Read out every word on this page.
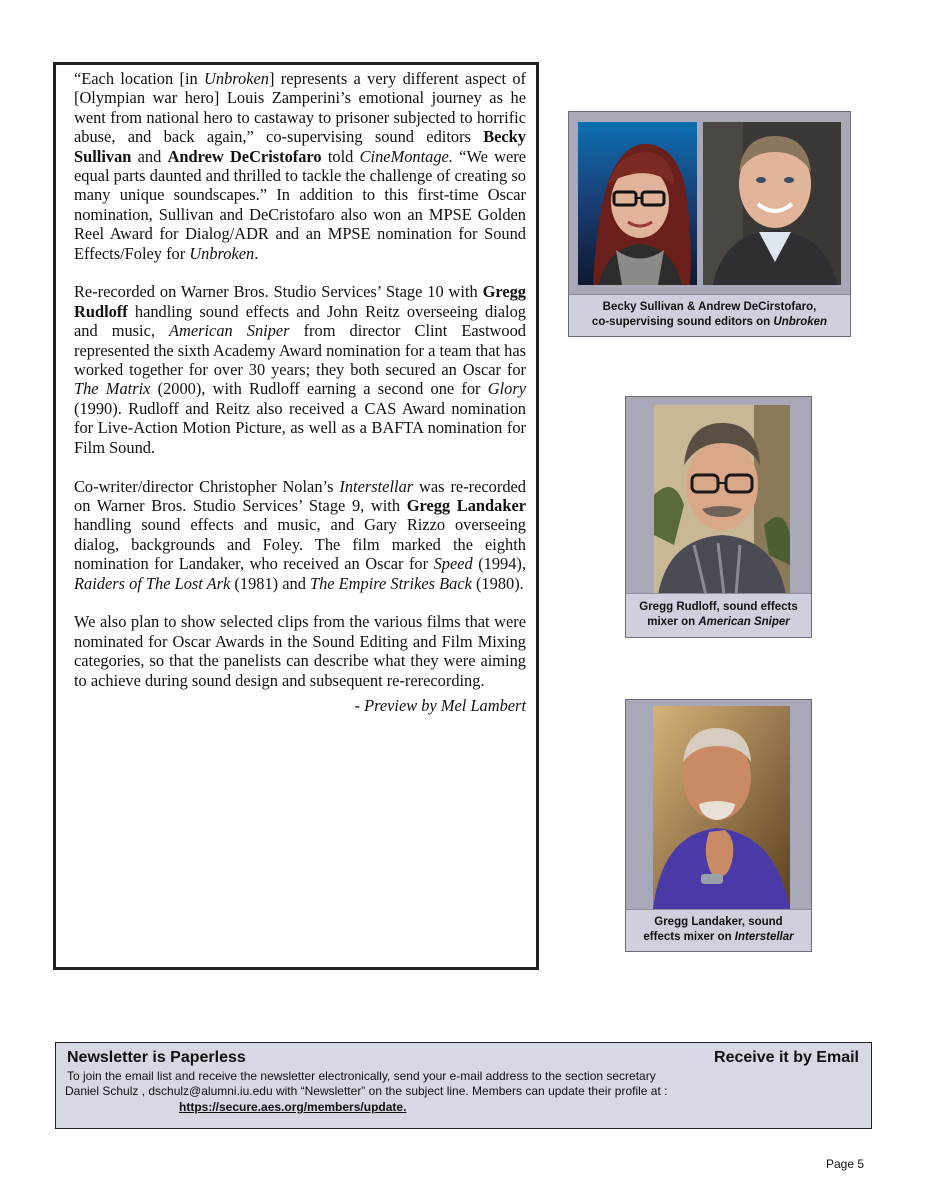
“Each location [in Unbroken] represents a very different aspect of [Olympian war hero] Louis Zamperini’s emotional journey as he went from national hero to castaway to prisoner subjected to horrific abuse, and back again,” co-supervising sound editors Becky Sullivan and Andrew DeCristofaro told CineMontage. “We were equal parts daunted and thrilled to tackle the challenge of creating so many unique soundscapes.” In addition to this first-time Oscar nomination, Sullivan and DeCristofaro also won an MPSE Golden Reel Award for Dialog/ADR and an MPSE nomination for Sound Effects/Foley for Unbroken.

Re-recorded on Warner Bros. Studio Services’ Stage 10 with Gregg Rudloff handling sound effects and John Reitz overseeing dialog and music, American Sniper from director Clint Eastwood represented the sixth Academy Award nomination for a team that has worked together for over 30 years; they both secured an Oscar for The Matrix (2000), with Rudloff earning a second one for Glory (1990). Rudloff and Reitz also received a CAS Award nomination for Live-Action Motion Picture, as well as a BAFTA nomination for Film Sound.

Co-writer/director Christopher Nolan’s Interstellar was re-recorded on Warner Bros. Studio Services’ Stage 9, with Gregg Landaker handling sound effects and music, and Gary Rizzo overseeing dialog, backgrounds and Foley. The film marked the eighth nomination for Landaker, who received an Oscar for Speed (1994), Raiders of The Lost Ark (1981) and The Empire Strikes Back (1980).

We also plan to show selected clips from the various films that were nominated for Oscar Awards in the Sound Editing and Film Mixing categories, so that the panelists can describe what they were aiming to achieve during sound design and subsequent re-rerecording.

- Preview by Mel Lambert

Becky Sullivan & Andrew DeCirstofaro,
co-supervising sound editors on Unbroken
Gregg Rudloff, sound effects
mixer on American Sniper
Gregg Landaker, sound
effects mixer on Interstellar
Newsletter is Paperless	Receive it by Email
To join the email list and receive the newsletter electronically, send your e-mail address to the section secretary
Daniel Schulz , dschulz@alumni.iu.edu with “Newsletter” on the subject line. Members can update their profile at :
https://secure.aes.org/members/update.
Page 5
